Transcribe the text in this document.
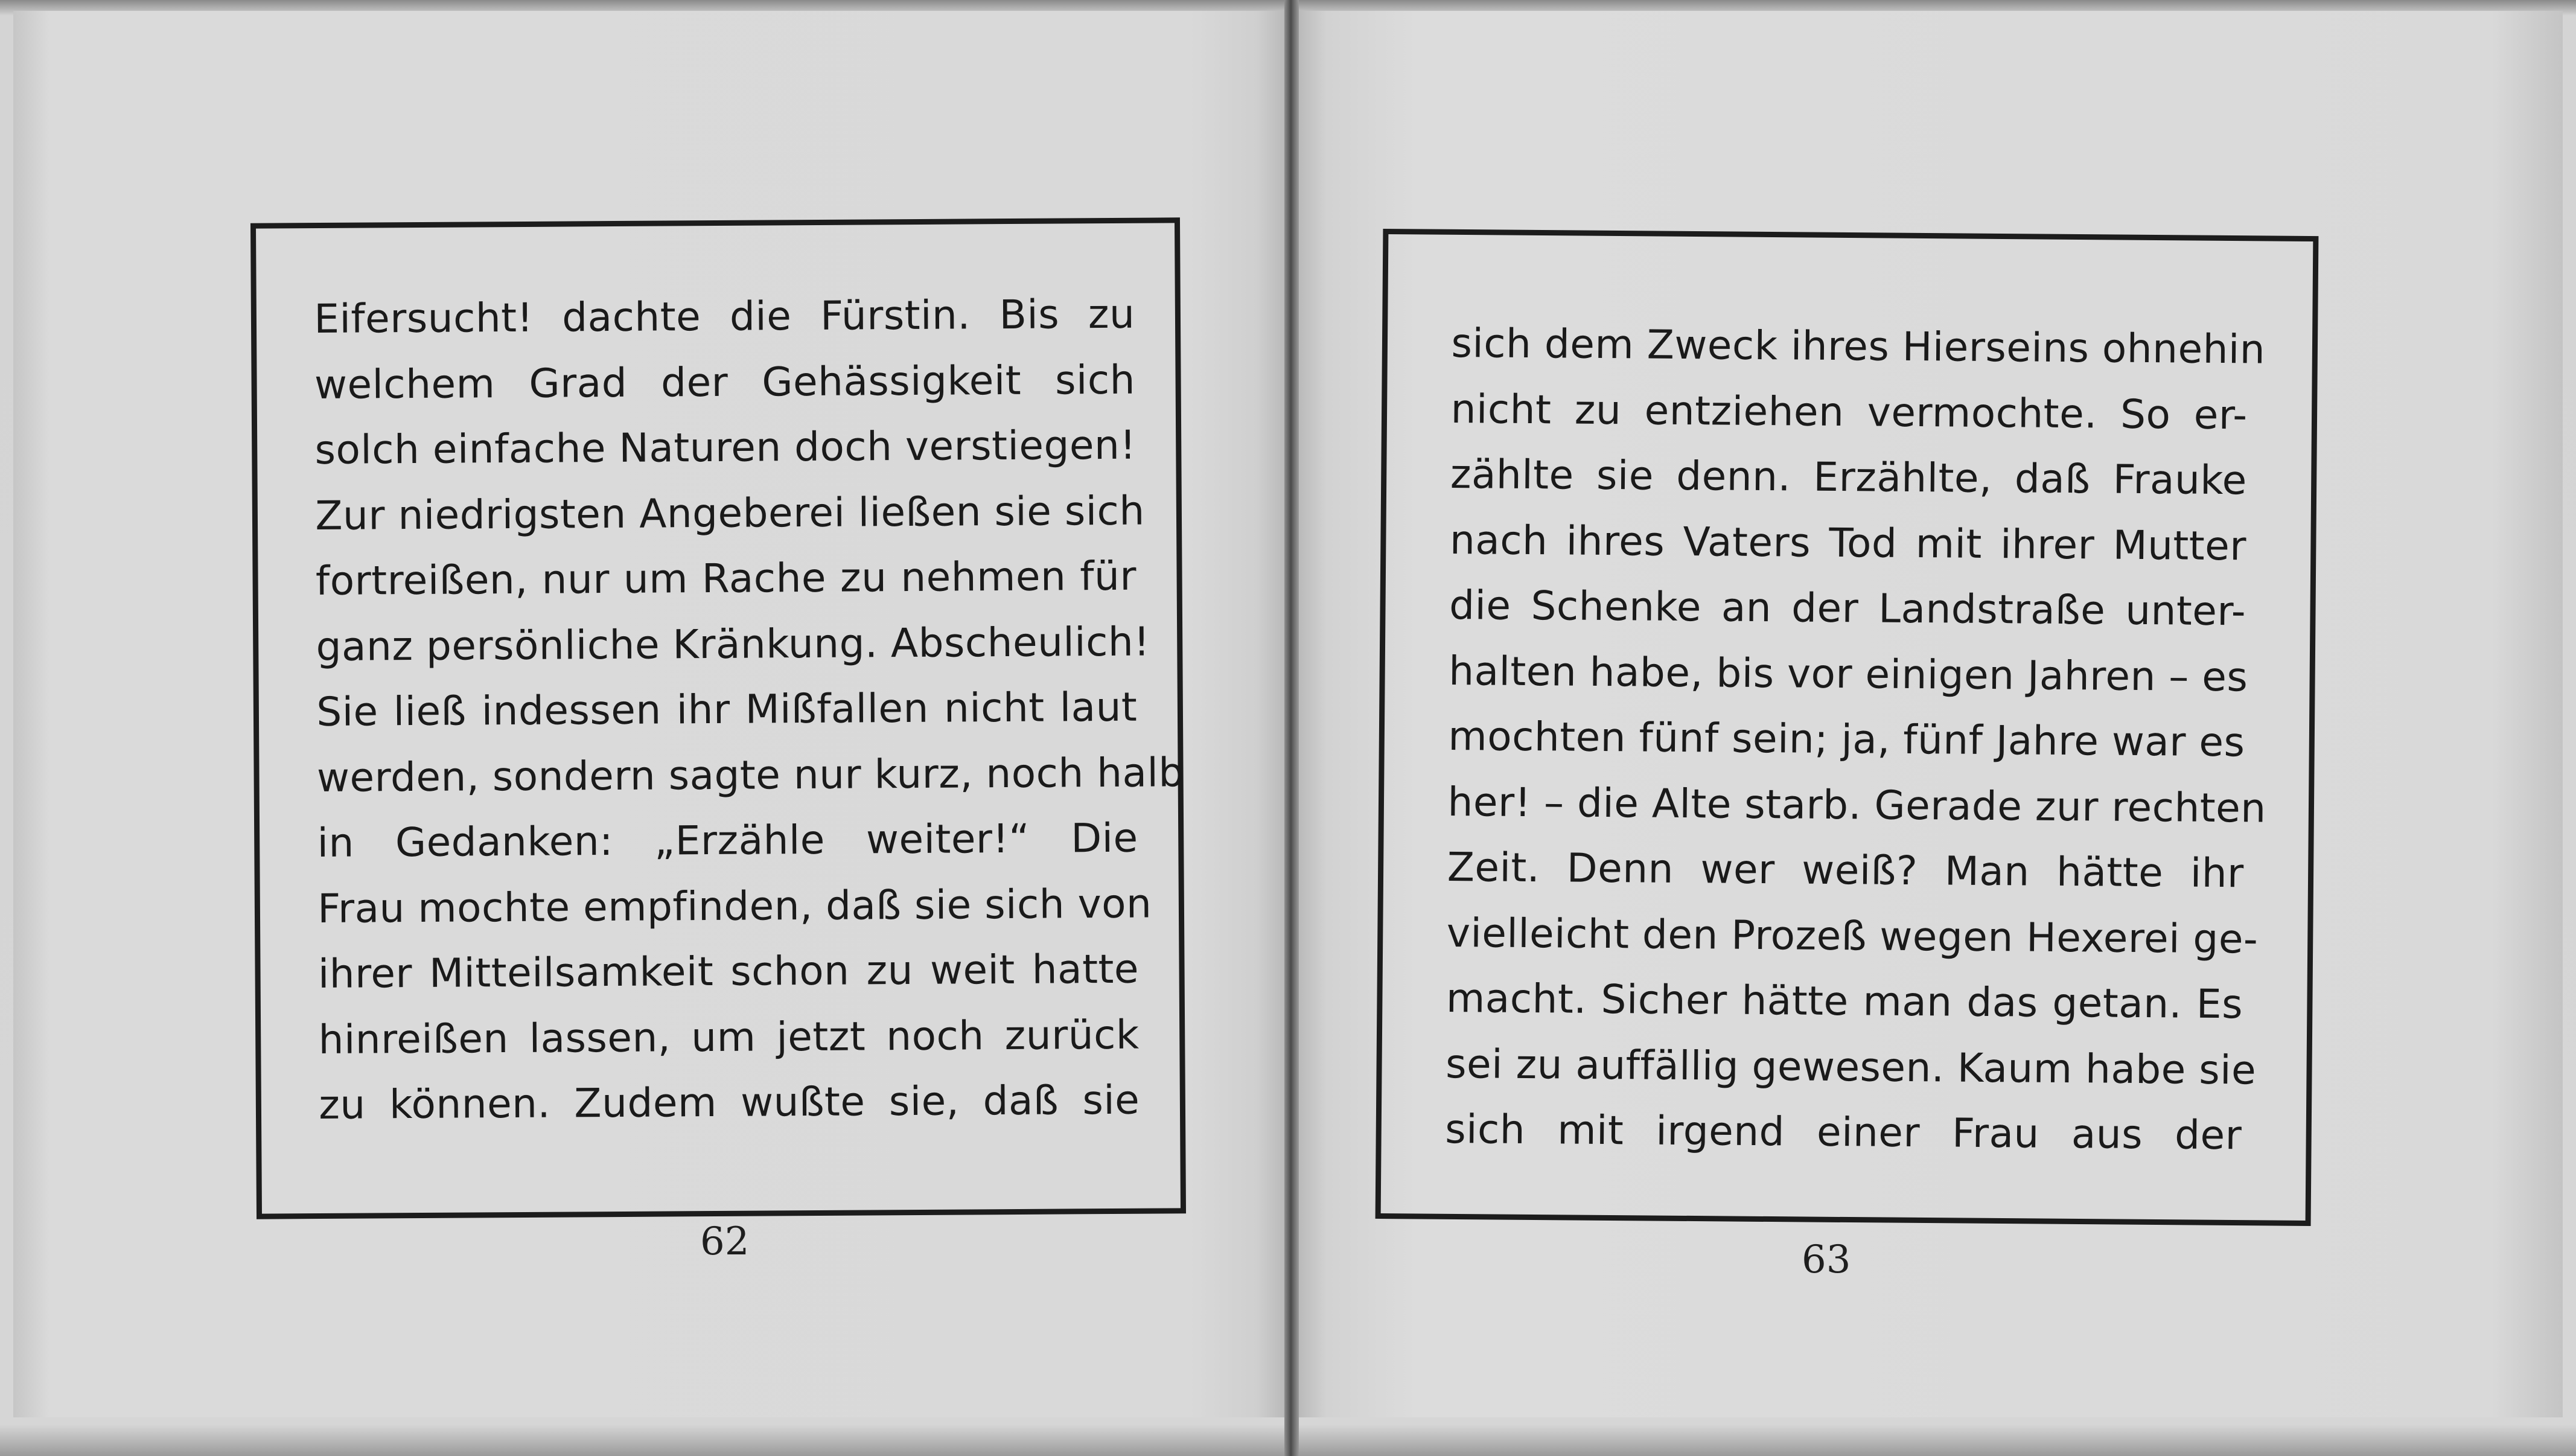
Eifersucht! dachte die Fürstin. Bis zu
welchem Grad der Gehässigkeit sich
solch einfache Naturen doch verstiegen!
Zur niedrigsten Angeberei ließen sie sich
fortreißen, nur um Rache zu nehmen für
ganz persönliche Kränkung. Abscheulich!
Sie ließ indessen ihr Mißfallen nicht laut
werden, sondern sagte nur kurz, noch halb
in Gedanken: „Erzähle weiter!“ Die
Frau mochte empfinden, daß sie sich von
ihrer Mitteilsamkeit schon zu weit hatte
hinreißen lassen, um jetzt noch zurück
zu können. Zudem wußte sie, daß sie
sich dem Zweck ihres Hierseins ohnehin
nicht zu entziehen vermochte. So er-
zählte sie denn. Erzählte, daß Frauke
nach ihres Vaters Tod mit ihrer Mutter
die Schenke an der Landstraße unter-
halten habe, bis vor einigen Jahren – es
mochten fünf sein; ja, fünf Jahre war es
her! – die Alte starb. Gerade zur rechten
Zeit. Denn wer weiß? Man hätte ihr
vielleicht den Prozeß wegen Hexerei ge-
macht. Sicher hätte man das getan. Es
sei zu auffällig gewesen. Kaum habe sie
sich mit irgend einer Frau aus der
62	63
